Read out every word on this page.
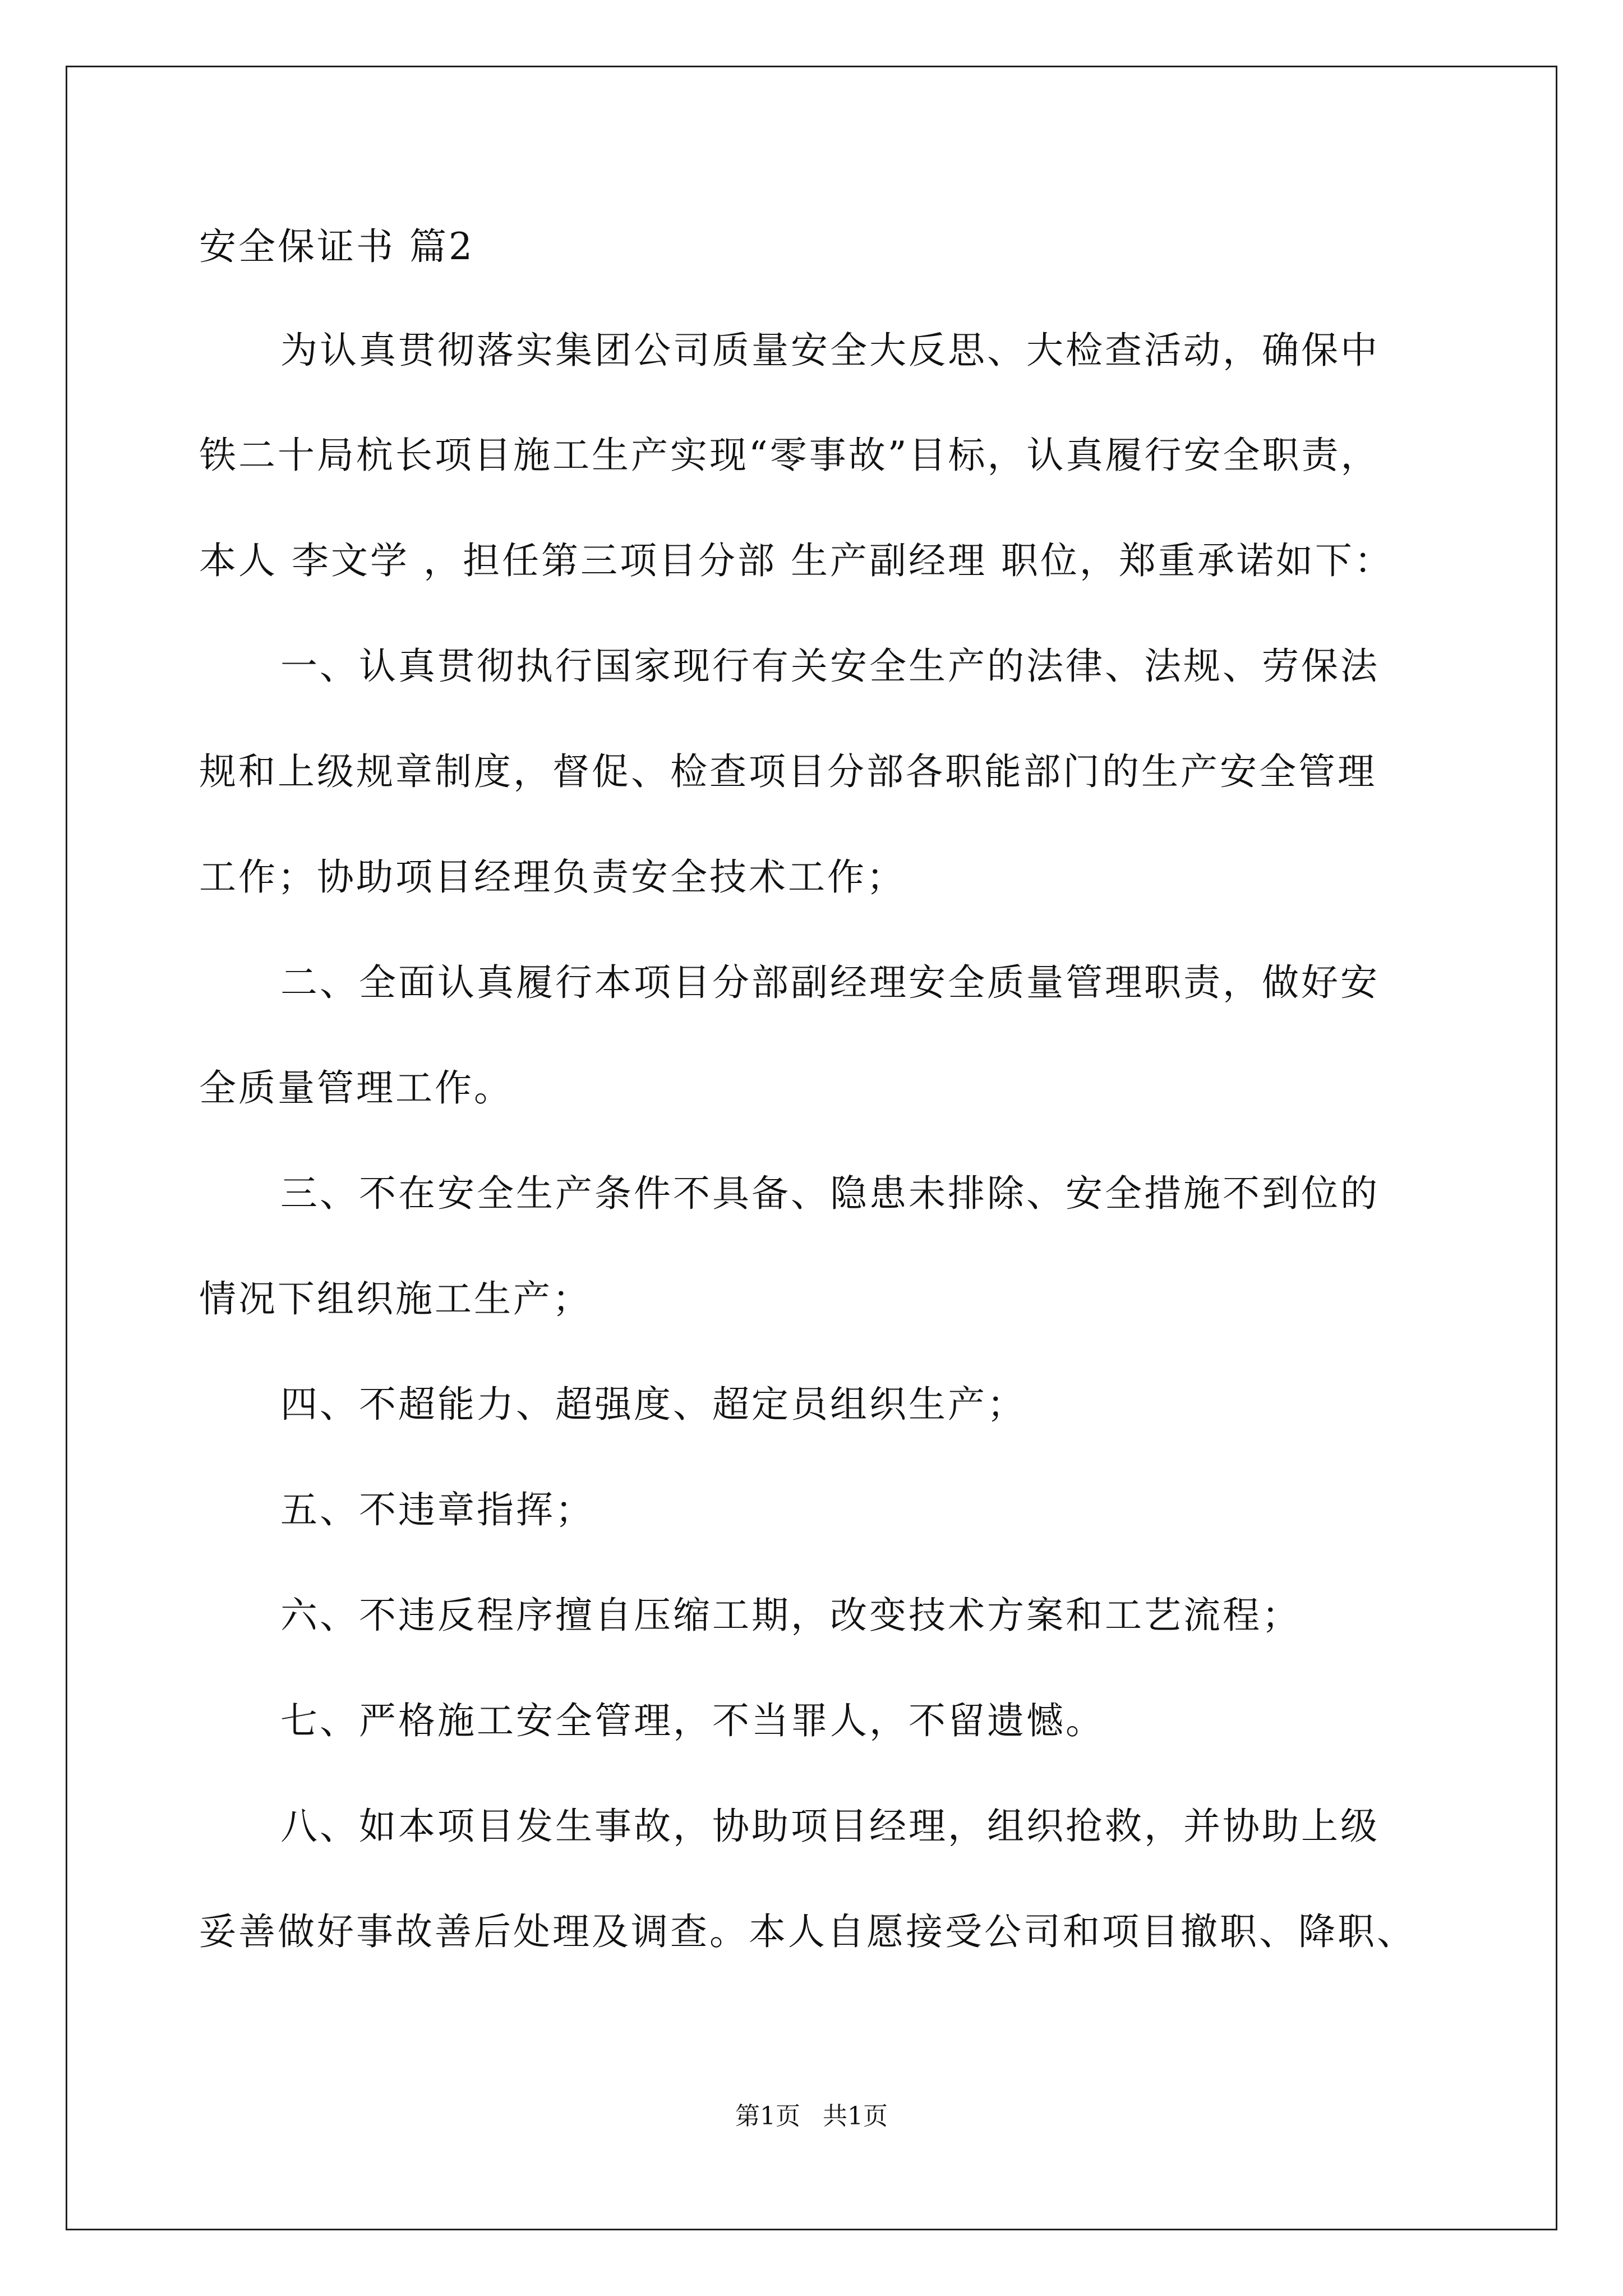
安全保证书 篇2
为认真贯彻落实集团公司质量安全大反思、大检查活动，确保中
铁二十局杭长项目施工生产实现“零事故”目标，认真履行安全职责，
本人 李文学 ，担任第三项目分部 生产副经理 职位，郑重承诺如下：
一、认真贯彻执行国家现行有关安全生产的法律、法规、劳保法
规和上级规章制度，督促、检查项目分部各职能部门的生产安全管理
工作；协助项目经理负责安全技术工作；
二、全面认真履行本项目分部副经理安全质量管理职责，做好安
全质量管理工作。
三、不在安全生产条件不具备、隐患未排除、安全措施不到位的
情况下组织施工生产；
四、不超能力、超强度、超定员组织生产；
五、不违章指挥；
六、不违反程序擅自压缩工期，改变技术方案和工艺流程；
七、严格施工安全管理，不当罪人，不留遗憾。
八、如本项目发生事故，协助项目经理，组织抢救，并协助上级
妥善做好事故善后处理及调查。本人自愿接受公司和项目撤职、降职、
第1页 共1页
